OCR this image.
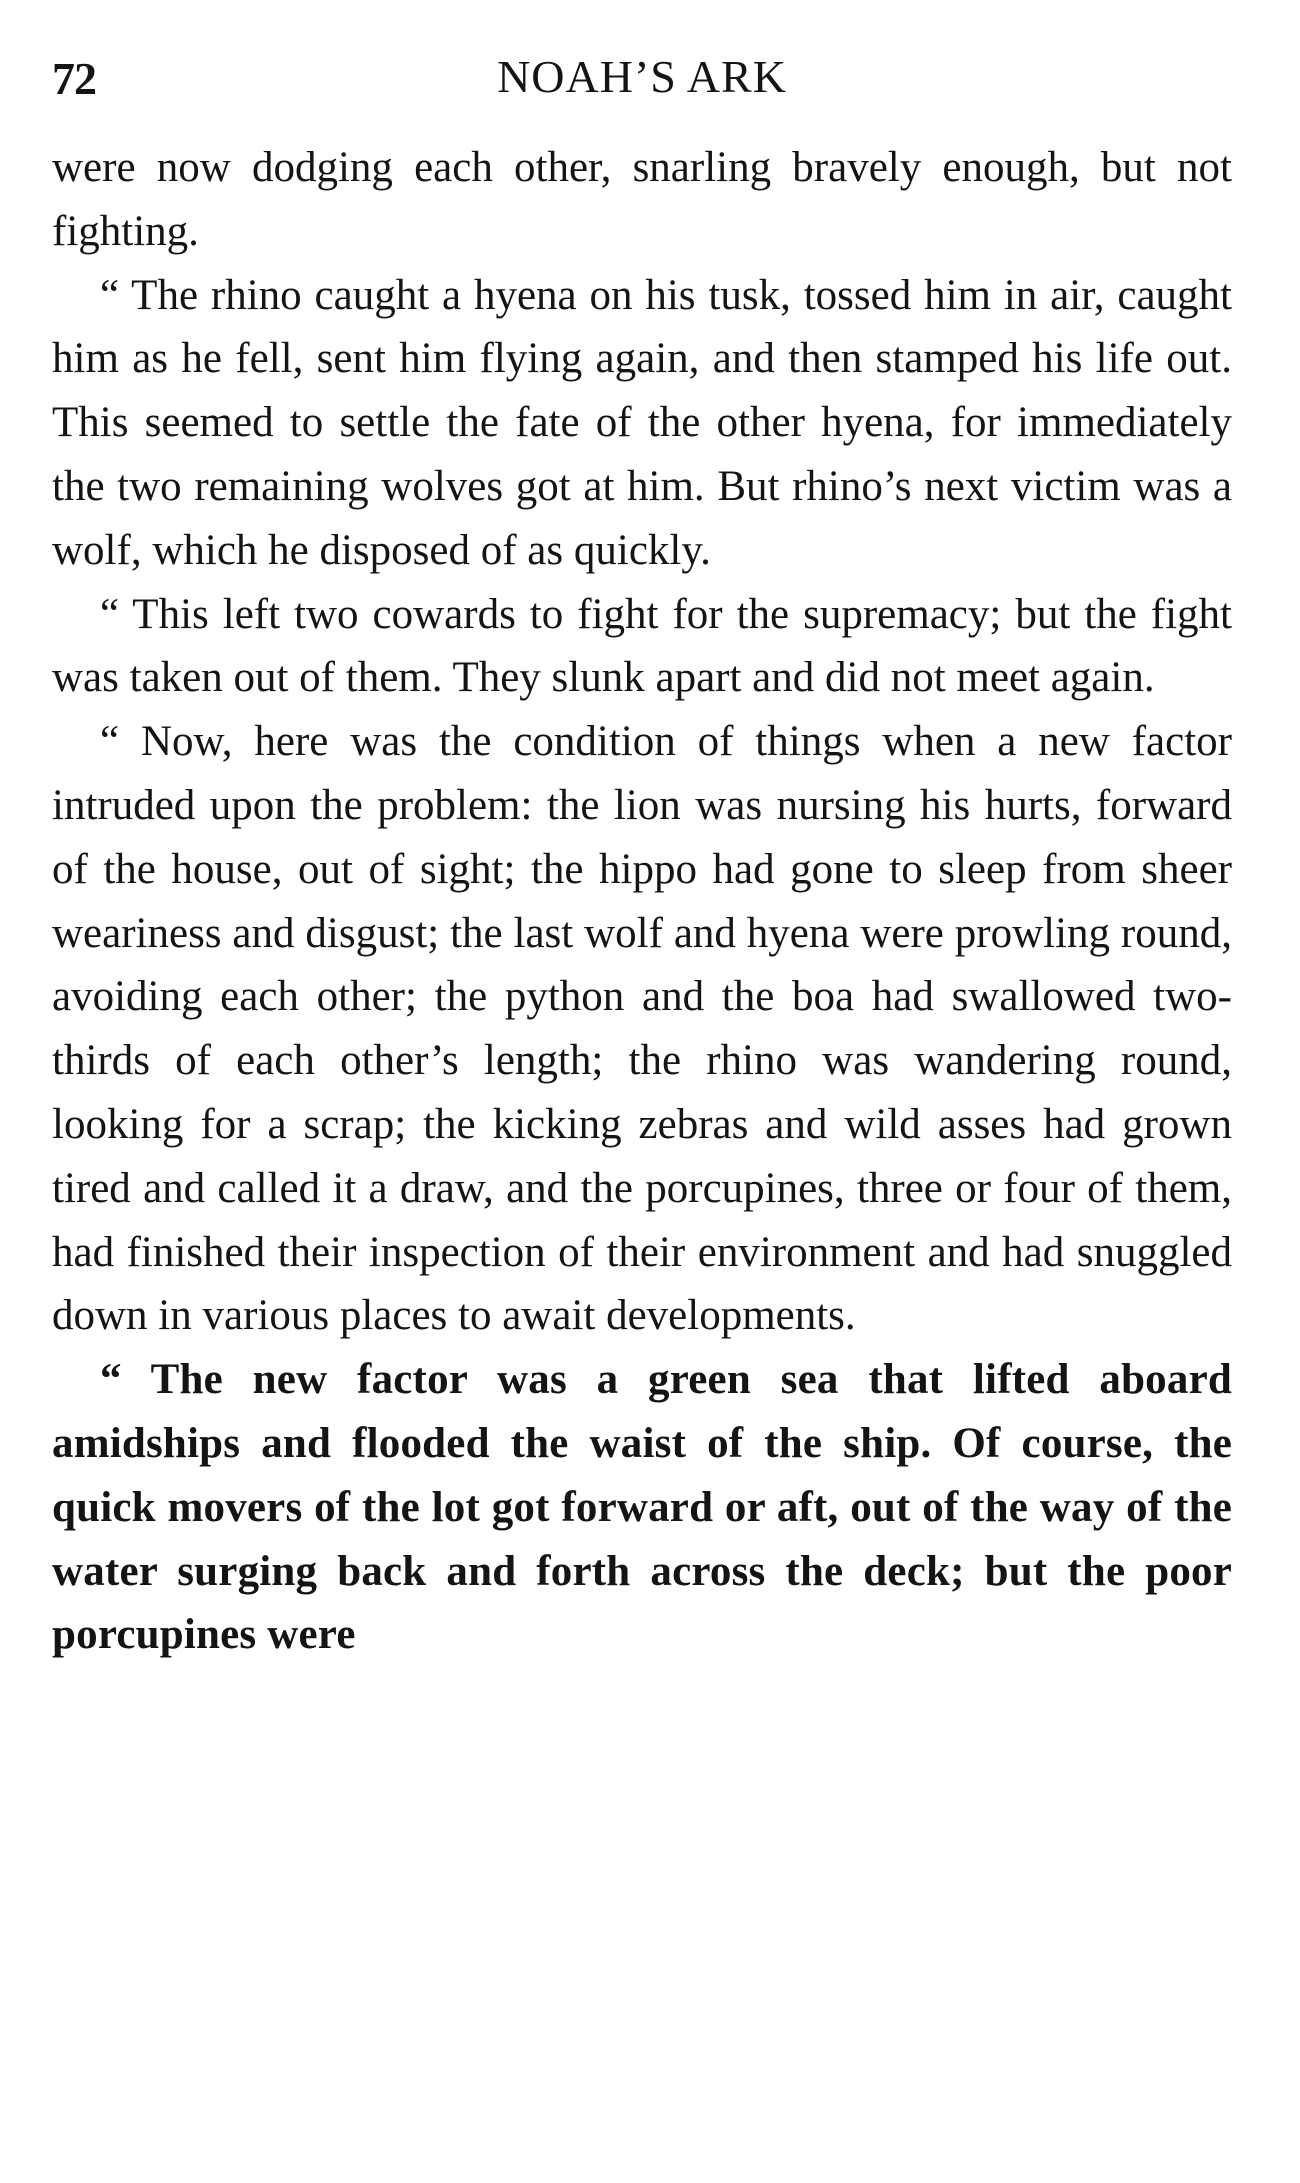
72	NOAH’S ARK

were now dodging each other, snarling bravely enough, but not fighting.

“ The rhino caught a hyena on his tusk, tossed him in air, caught him as he fell, sent him flying again, and then stamped his life out. This seemed to settle the fate of the other hyena, for immediately the two remaining wolves got at him. But rhino’s next victim was a wolf, which he disposed of as quickly.

“ This left two cowards to fight for the supremacy; but the fight was taken out of them. They slunk apart and did not meet again.

“ Now, here was the condition of things when a new factor intruded upon the problem: the lion was nursing his hurts, forward of the house, out of sight; the hippo had gone to sleep from sheer weariness and disgust; the last wolf and hyena were prowling round, avoiding each other; the python and the boa had swallowed two-thirds of each other’s length; the rhino was wandering round, looking for a scrap; the kicking zebras and wild asses had grown tired and called it a draw, and the porcupines, three or four of them, had finished their inspection of their environment and had snuggled down in various places to await developments.

“ The new factor was a green sea that lifted aboard amidships and flooded the waist of the ship. Of course, the quick movers of the lot got forward or aft, out of the way of the water surging back and forth across the deck; but the poor porcupines were
